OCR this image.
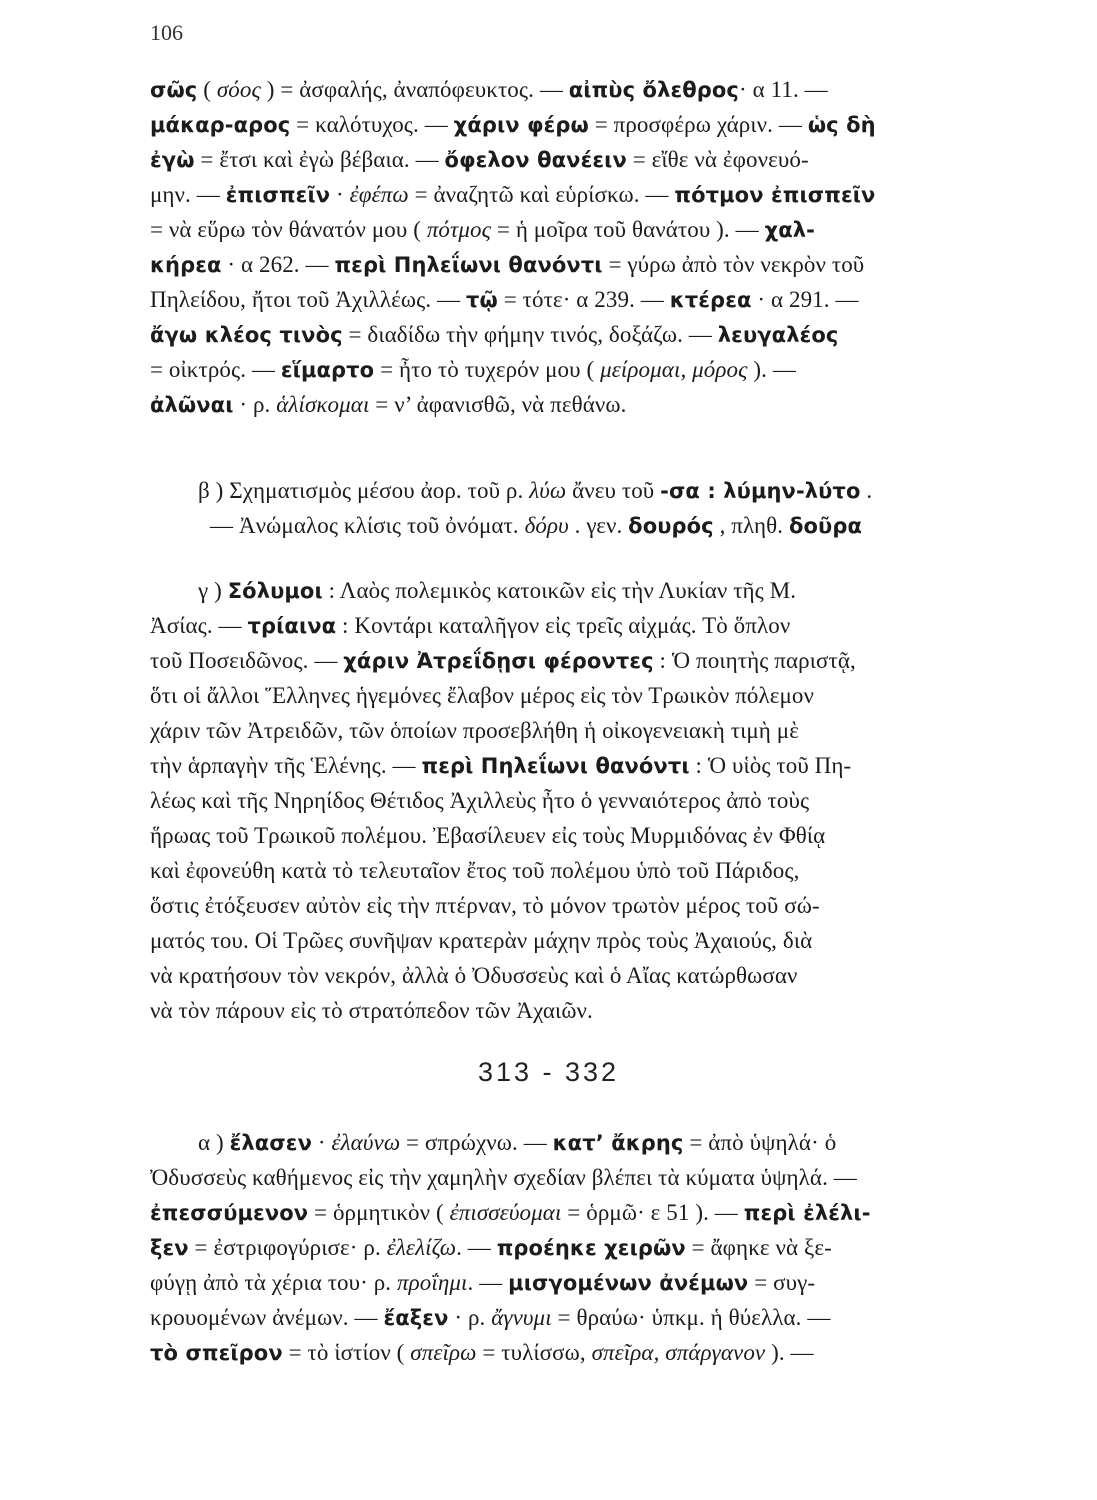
106
σῶς ( σόος ) = ἀσφαλής, ἀναπόφευκτος. — αἰπὺς ὄλεθρος· α 11. —
μάκαρ-αρος = καλότυχος. — χάριν φέρω = προσφέρω χάριν. — ὡς δὴ
ἐγὼ = ἔτσι καὶ ἐγὼ βέβαια. — ὄφελον θανέειν = εἴθε νὰ ἐφονευό-
μην. — ἐπισπεῖν · ἐφέπω = ἀναζητῶ καὶ εὑρίσκω. — πότμον ἐπισπεῖν
= νὰ εὕρω τὸν θάνατόν μου ( πότμος = ἡ μοῖρα τοῦ θανάτου ). — χαλ-
κήρεα · α 262. — περὶ Πηλεΐωνι θανόντι = γύρω ἀπὸ τὸν νεκρὸν τοῦ
Πηλείδου, ἤτοι τοῦ Ἀχιλλέως. — τῷ = τότε· α 239. — κτέρεα · α 291. —
ἄγω κλέος τινὸς = διαδίδω τὴν φήμην τινός, δοξάζω. — λευγαλέος
= οἰκτρός. — εἵμαρτο = ἦτο τὸ τυχερόν μου ( μείρομαι, μόρος ). —
ἀλῶναι · ρ. ἁλίσκομαι = ν’ ἀφανισθῶ, νὰ πεθάνω.
β ) Σχηματισμὸς μέσου ἀορ. τοῦ ρ. λύω ἄνευ τοῦ -σα : λύμην-λύτο .
— Ἀνώμαλος κλίσις τοῦ ὀνόματ. δόρυ . γεν. δουρός , πληθ. δοῦρα
γ ) Σόλυμοι : Λαὸς πολεμικὸς κατοικῶν εἰς τὴν Λυκίαν τῆς Μ.
Ἀσίας. — τρίαινα : Κοντάρι καταλῆγον εἰς τρεῖς αἰχμάς. Τὸ ὅπλον
τοῦ Ποσειδῶνος. — χάριν Ἀτρεΐδῃσι φέροντες : Ὁ ποιητὴς παριστᾷ,
ὅτι οἱ ἄλλοι Ἕλληνες ἡγεμόνες ἔλαβον μέρος εἰς τὸν Τρωικὸν πόλεμον
χάριν τῶν Ἀτρειδῶν, τῶν ὁποίων προσεβλήθη ἡ οἰκογενειακὴ τιμὴ μὲ
τὴν ἁρπαγὴν τῆς Ἑλένης. — περὶ Πηλεΐωνι θανόντι : Ὁ υἱὸς τοῦ Πη-
λέως καὶ τῆς Νηρηίδος Θέτιδος Ἀχιλλεὺς ἦτο ὁ γενναιότερος ἀπὸ τοὺς
ἥρωας τοῦ Τρωικοῦ πολέμου. Ἐβασίλευεν εἰς τοὺς Μυρμιδόνας ἐν Φθίᾳ
καὶ ἐφονεύθη κατὰ τὸ τελευταῖον ἔτος τοῦ πολέμου ὑπὸ τοῦ Πάριδος,
ὅστις ἐτόξευσεν αὐτὸν εἰς τὴν πτέρναν, τὸ μόνον τρωτὸν μέρος τοῦ σώ-
ματός του. Οἱ Τρῶες συνῆψαν κρατερὰν μάχην πρὸς τοὺς Ἀχαιούς, διὰ
νὰ κρατήσουν τὸν νεκρόν, ἀλλὰ ὁ Ὀδυσσεὺς καὶ ὁ Αἴας κατώρθωσαν
νὰ τὸν πάρουν εἰς τὸ στρατόπεδον τῶν Ἀχαιῶν.
313 - 332
α ) ἔλασεν · ἐλαύνω = σπρώχνω. — κατ’ ἄκρης = ἀπὸ ὑψηλά· ὁ
Ὀδυσσεὺς καθήμενος εἰς τὴν χαμηλὴν σχεδίαν βλέπει τὰ κύματα ὑψηλά. —
ἐπεσσύμενον = ὁρμητικὸν ( ἐπισσεύομαι = ὁρμῶ· ε 51 ). — περὶ ἐλέλι-
ξεν = ἐστριφογύρισε· ρ. ἐλελίζω. — προέηκε χειρῶν = ἄφηκε νὰ ξε-
φύγῃ ἀπὸ τὰ χέρια του· ρ. προΐημι. — μισγομένων ἀνέμων = συγ-
κρουομένων ἀνέμων. — ἔαξεν · ρ. ἄγνυμι = θραύω· ὑπκμ. ἡ θύελλα. —
τὸ σπεῖρον = τὸ ἱστίον ( σπεῖρω = τυλίσσω, σπεῖρα, σπάργανον ). —
